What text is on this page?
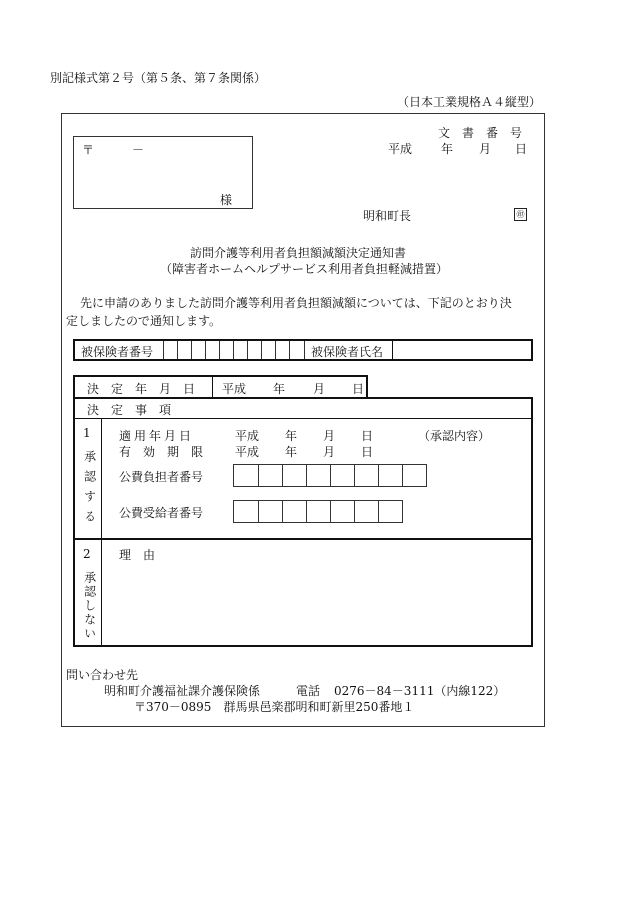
別記様式第２号（第５条、第７条関係）
（日本工業規格Ａ４縦型）
〒	－
様
文　書　番　号
平成 年 月 日
明和町長	㊞
訪問介護等利用者負担額減額決定通知書
（障害者ホームヘルプサービス利用者負担軽減措置）
先に申請のありました訪問介護等利用者負担額減額については、下記のとおり決
定しましたので通知します。
被保険者番号	被保険者氏名
決　定　年　月　日 平成 年 月 日
決　定　事　項
1
承認する
適用年月日	平成 年 月 日	（承認内容）
有　効　期　限	平成 年 月 日
公費負担者番号
公費受給者番号
2
承認しない
理　由
問い合わせ先
明和町介護福祉課介護保険係	電話 0276－84－3111（内線122）
〒370－0895　群馬県邑楽郡明和町新里250番地１
